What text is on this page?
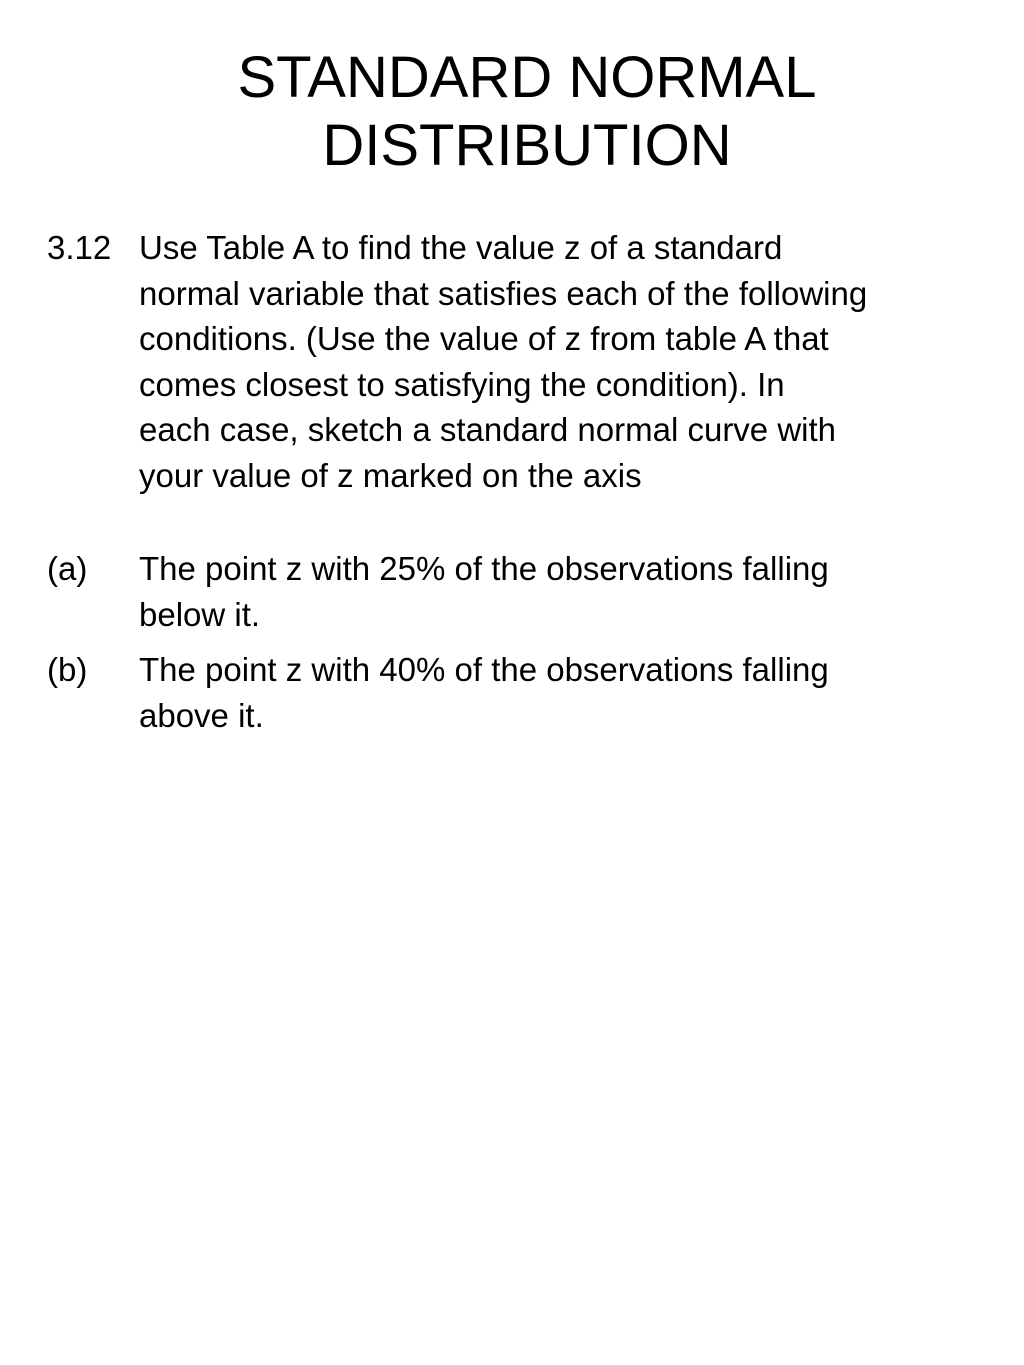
STANDARD NORMAL
DISTRIBUTION
3.12 Use Table A to find the value z of a standard
normal variable that satisfies each of the following
conditions. (Use the value of z from table A that
comes closest to satisfying the condition). In
each case, sketch a standard normal curve with
your value of z marked on the axis
(a) The point z with 25% of the observations falling
below it.
(b) The point z with 40% of the observations falling
above it.
